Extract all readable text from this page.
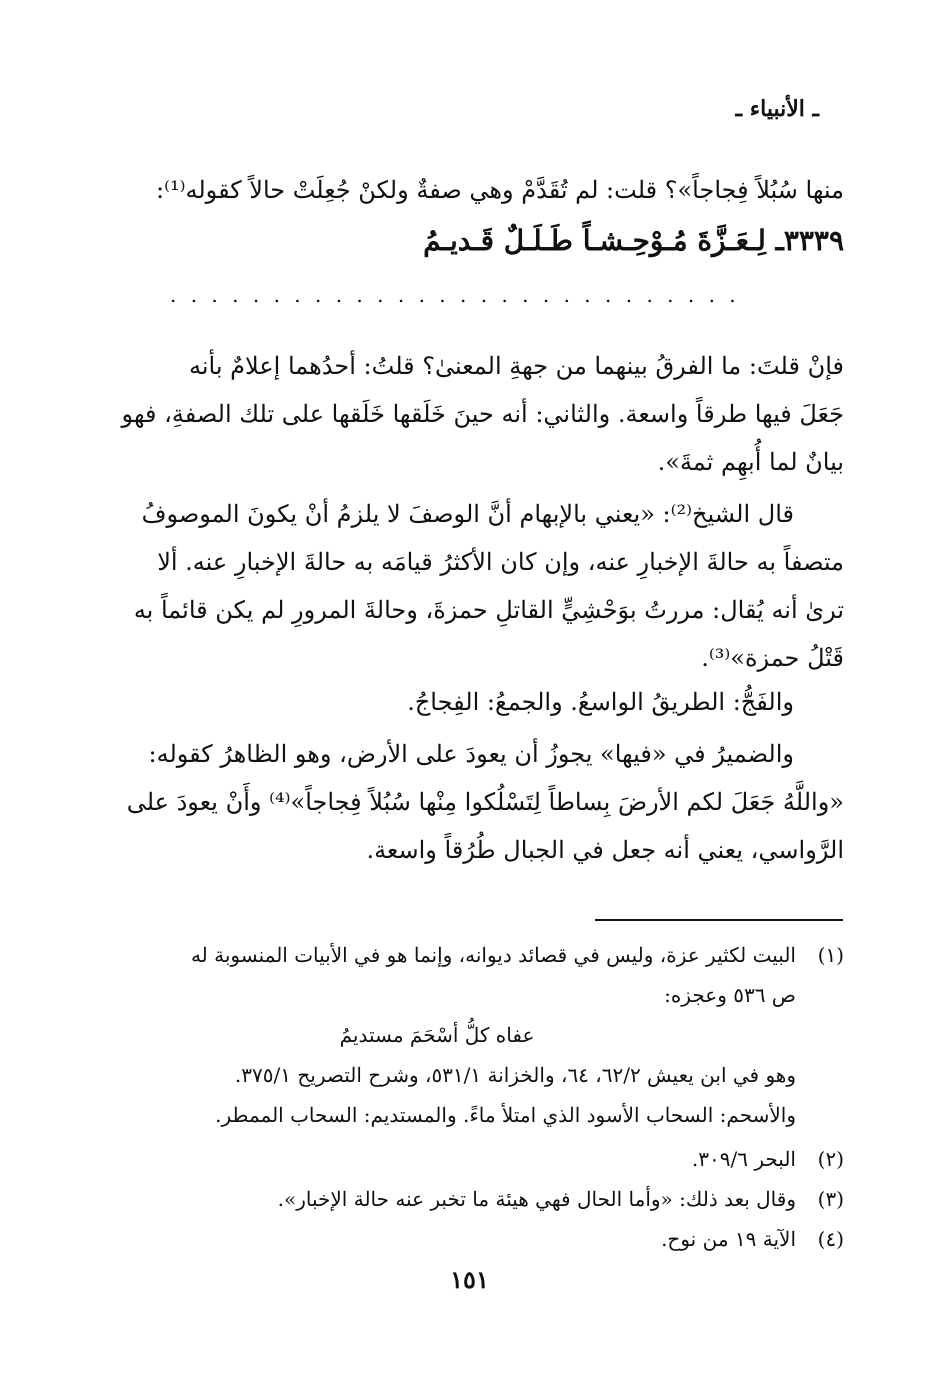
ـ الأنبياء ـ
منها سُبُلاً فِجاجاً»؟ قلت: لم تُقَدَّمْ وهي صفةٌ ولكنْ جُعِلَتْ حالاً كقوله⁽¹⁾:
٣٣٣٩ـ لِـعَـزَّةَ مُـوْحِـشـاً طَـلَـلٌ قَـديـمُ
. . . . . . . . . . . . . . . . . . . . . . . . . . . .
فإنْ قلتَ: ما الفرقُ بينهما من جهةِ المعنىٰ؟ قلتُ: أحدُهما إعلامٌ بأنه
جَعَلَ فيها طرقاً واسعة. والثاني: أنه حينَ خَلَقها خَلَقها على تلك الصفةِ، فهو
بيانٌ لما أُبهِم ثمةَ».
قال الشيخ⁽²⁾: «يعني بالإبهام أنَّ الوصفَ لا يلزمُ أنْ يكونَ الموصوفُ
متصفاً به حالةَ الإخبارِ عنه، وإن كان الأكثرُ قيامَه به حالةَ الإخبارِ عنه. ألا
ترىٰ أنه يُقال: مررتُ بوَحْشِيٍّ القاتلِ حمزةَ، وحالةَ المرورِ لم يكن قائماً به
قَتْلُ حمزة»⁽³⁾.
والفَجُّ: الطريقُ الواسعُ. والجمعُ: الفِجاجُ.
والضميرُ في «فيها» يجوزُ أن يعودَ على الأرض، وهو الظاهرُ كقوله:
«واللَّهُ جَعَلَ لكم الأرضَ بِساطاً لِتَسْلُكوا مِنْها سُبُلاً فِجاجاً»⁽⁴⁾ وأَنْ يعودَ على
الرَّواسي، يعني أنه جعل في الجبال طُرُقاً واسعة.
(١)
البيت لكثير عزة، وليس في قصائد ديوانه، وإنما هو في الأبيات المنسوبة له
ص ٥٣٦ وعجزه:
عفاه كلُّ أسْحَمَ مستديمُ
وهو في ابن يعيش ٦٢/٢، ٦٤، والخزانة ٥٣١/١، وشرح التصريح ٣٧٥/١.
والأسحم: السحاب الأسود الذي امتلأ ماءً. والمستديم: السحاب الممطر.
(٢)
البحر ٣٠٩/٦.
(٣)
وقال بعد ذلك: «وأما الحال فهي هيئة ما تخبر عنه حالة الإخبار».
(٤)
الآية ١٩ من نوح.
١٥١
